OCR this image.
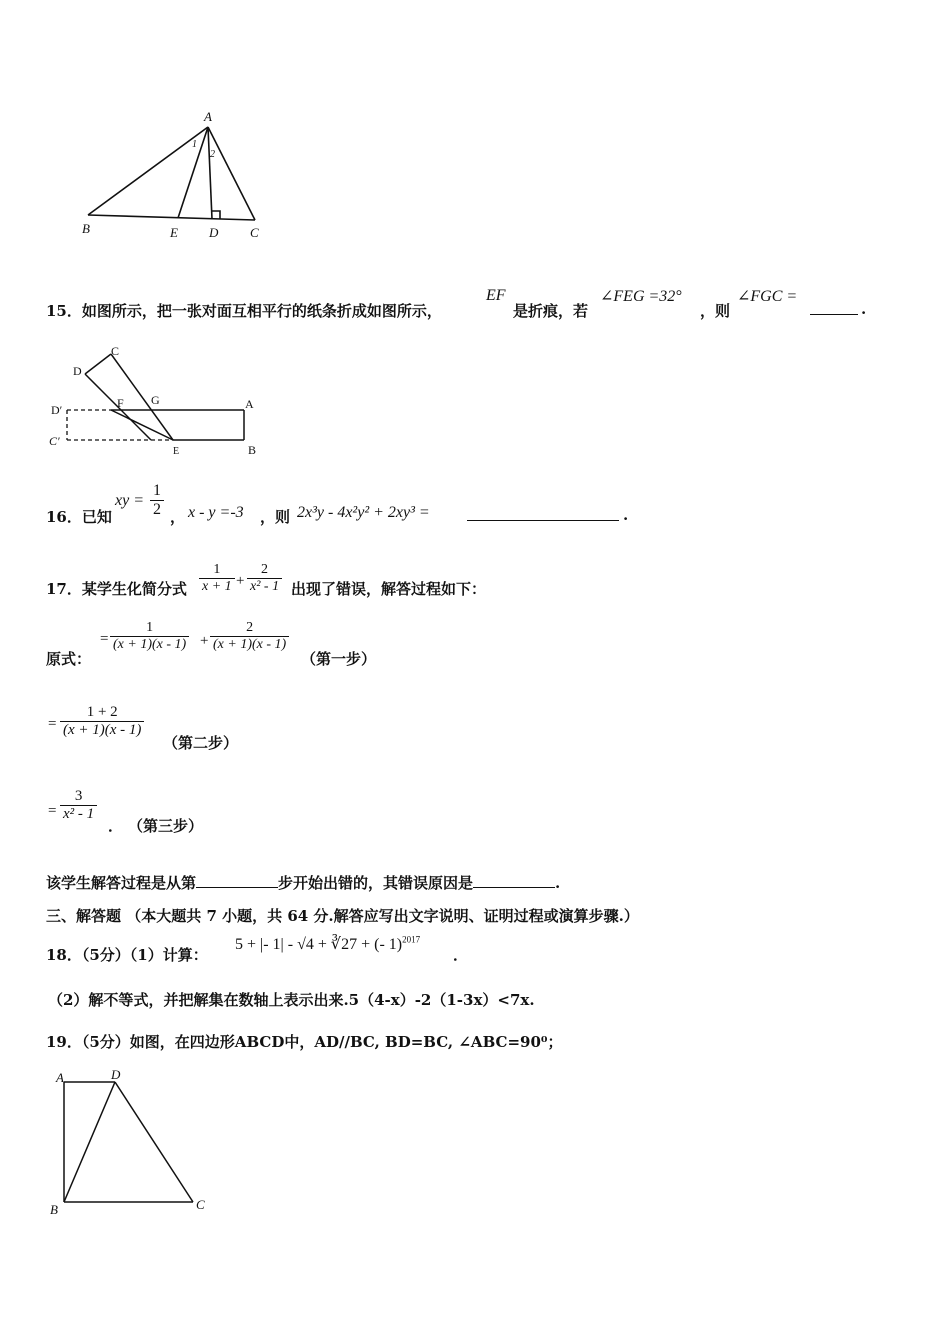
A
B	E D C
1
2
15．如图所示，把一张对面互相平行的纸条折成如图所示，
EF
是折痕，若
∠FEG =32°
，则
∠FGC =
.
C
D
G
F	A
D′
C′
E	B
16．已知
xy = $\frac{1}{2}$ ， x - y =-3 ，则 2x³y - 4x²y² + 2xy³ =	.
17．某学生化简分式 $\frac{1}{x + 1} + \frac{2}{\text{x² - 1}}$ 出现了错误，解答过程如下：
原式：
= $\frac{1}{(x + 1)(x - 1)} + \frac{2}{(x + 1)(x - 1)}$
（第一步）
= $\frac{1 + 2}{(x + 1)(x - 1)}$
（第二步）
= $\frac{3}{\text{x² - 1}}$
． （第三步）
该学生解答过程是从第	步开始出错的，其错误原因是	.
三、解答题 （本大题共 7 小题，共 64 分.解答应写出文字说明、证明过程或演算步骤.）
18．（5分）（1）计算：
5 + |- 1| - √4 + ∛27 + (- 1)$^{2017}$
．
（2）解不等式，并把解集在数轴上表示出来.5（4-x）-2（1-3x）<7x.
19．（5分）如图，在四边形ABCD中，AD//BC, BD=BC, ∠ABC=90⁰；
A	D
B	C
